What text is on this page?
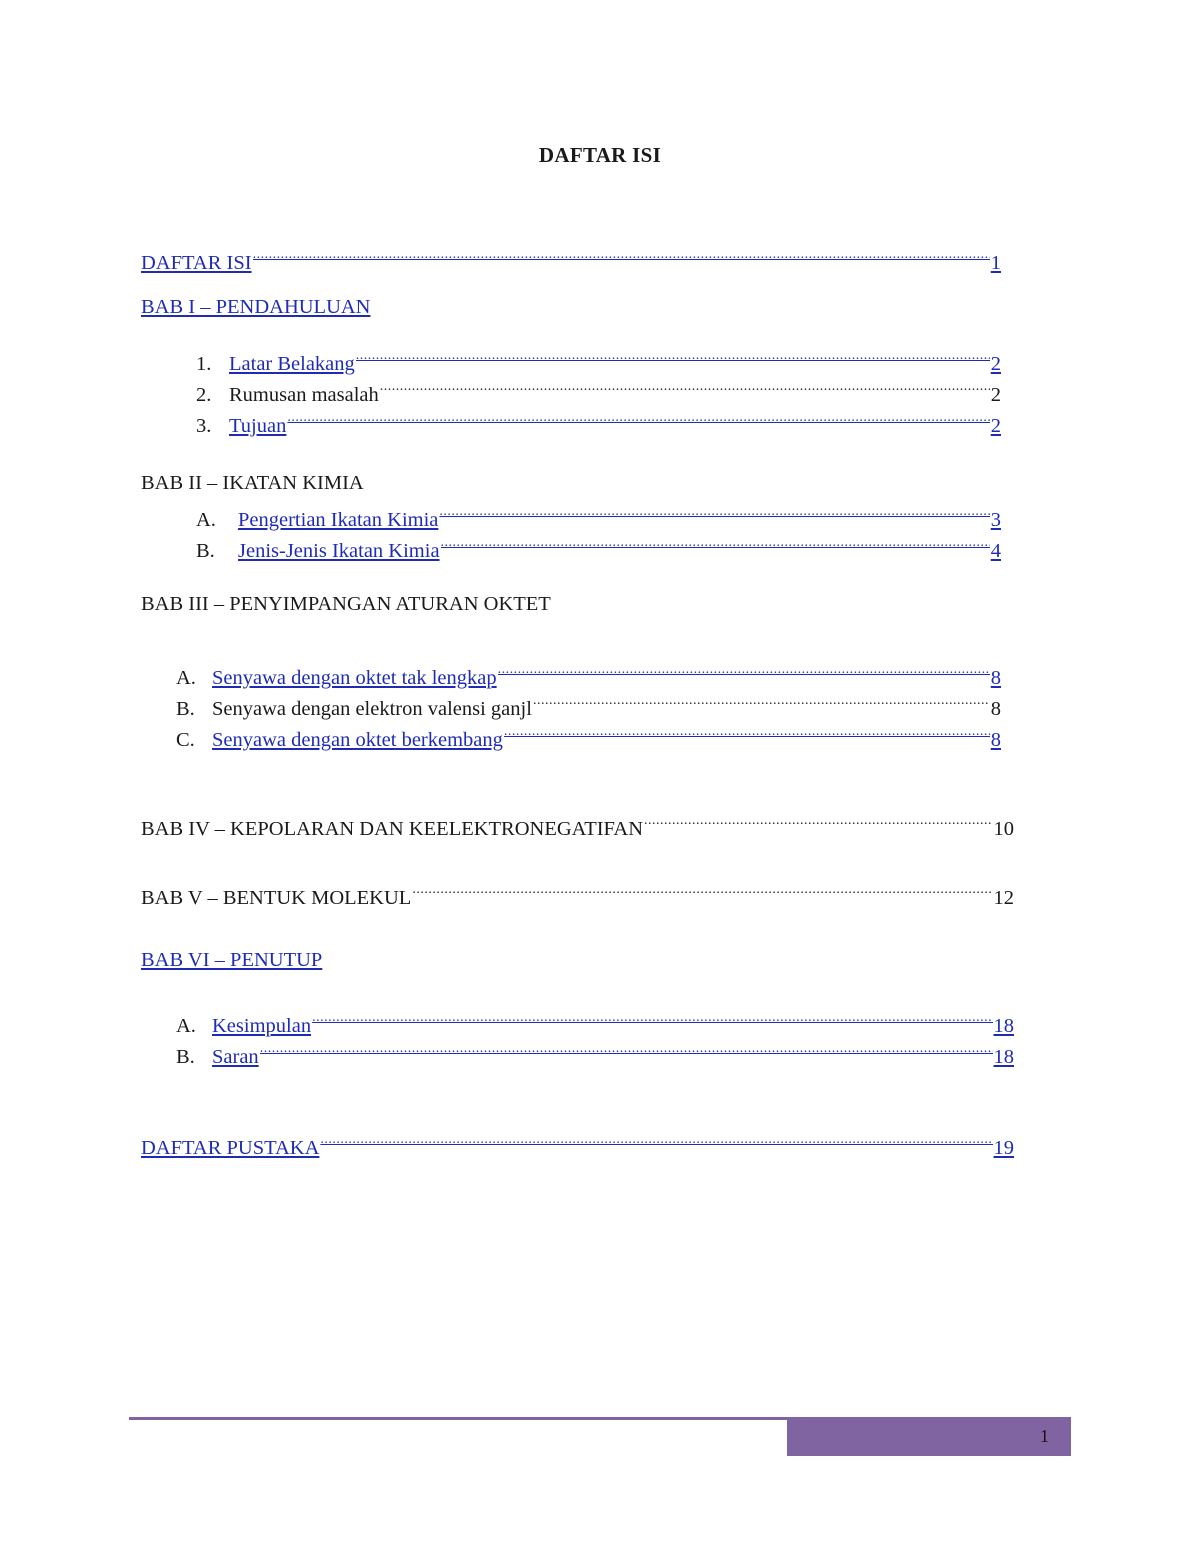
DAFTAR ISI
DAFTAR ISI .....	1
BAB I – PENDAHULUAN
1. Latar Belakang .....	2
2. Rumusan masalah .....	2
3. Tujuan .....	2
BAB II – IKATAN KIMIA
A.	Pengertian Ikatan Kimia .....	3
B.	Jenis-Jenis Ikatan Kimia .....	4
BAB III – PENYIMPANGAN ATURAN OKTET
A. Senyawa dengan oktet tak lengkap .....	8
B. Senyawa dengan elektron valensi ganjl .....	8
C. Senyawa dengan oktet berkembang .....	8
BAB IV – KEPOLARAN DAN KEELEKTRONEGATIFAN .....	10
BAB V – BENTUK MOLEKUL .....	12
BAB VI – PENUTUP
A. Kesimpulan .....	18
B. Saran .....	18
DAFTAR PUSTAKA .....	19
1
